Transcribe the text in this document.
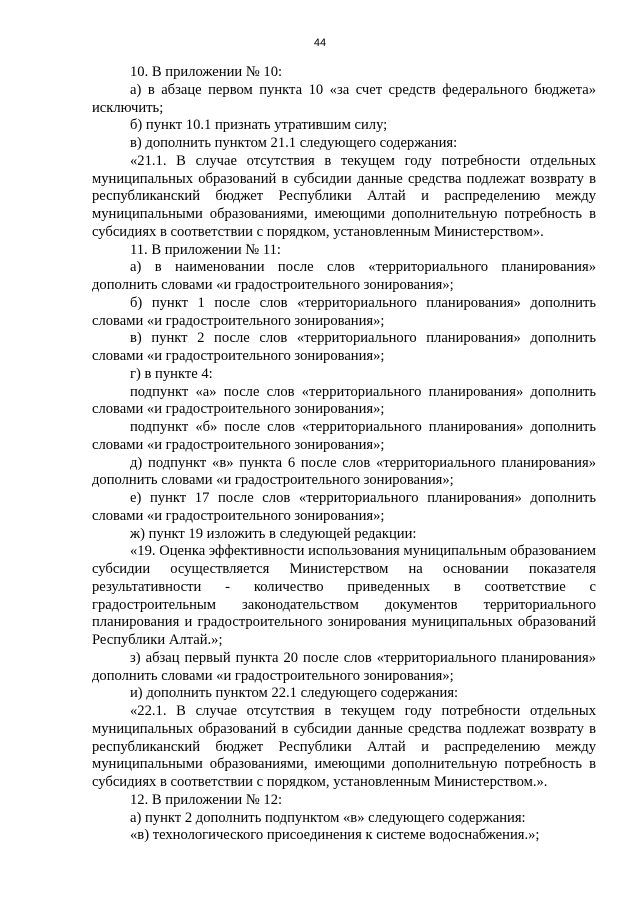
44

10. В приложении № 10:

а) в абзаце первом пункта 10 «за счет средств федерального бюджета» исключить;

б) пункт 10.1 признать утратившим силу;

в) дополнить пунктом 21.1 следующего содержания:

«21.1. В случае отсутствия в текущем году потребности отдельных муниципальных образований в субсидии данные средства подлежат возврату в республиканский бюджет Республики Алтай и распределению между муниципальными образованиями, имеющими дополнительную потребность в субсидиях в соответствии с порядком, установленным Министерством».

11. В приложении № 11:

а) в наименовании после слов «территориального планирования» дополнить словами «и градостроительного зонирования»;

б) пункт 1 после слов «территориального планирования» дополнить словами «и градостроительного зонирования»;

в) пункт 2 после слов «территориального планирования» дополнить словами «и градостроительного зонирования»;

г) в пункте 4:

подпункт «а» после слов «территориального планирования» дополнить словами «и градостроительного зонирования»;

подпункт «б» после слов «территориального планирования» дополнить словами «и градостроительного зонирования»;

д) подпункт «в» пункта 6 после слов «территориального планирования» дополнить словами «и градостроительного зонирования»;

е) пункт 17 после слов «территориального планирования» дополнить словами «и градостроительного зонирования»;

ж) пункт 19 изложить в следующей редакции:

«19. Оценка эффективности использования муниципальным образованием субсидии осуществляется Министерством на основании показателя результативности - количество приведенных в соответствие с градостроительным законодательством документов территориального планирования и градостроительного зонирования муниципальных образований Республики Алтай.»;

з) абзац первый пункта 20 после слов «территориального планирования» дополнить словами «и градостроительного зонирования»;

и) дополнить пунктом 22.1 следующего содержания:

«22.1. В случае отсутствия в текущем году потребности отдельных муниципальных образований в субсидии данные средства подлежат возврату в республиканский бюджет Республики Алтай и распределению между муниципальными образованиями, имеющими дополнительную потребность в субсидиях в соответствии с порядком, установленным Министерством.».

12. В приложении № 12:

а) пункт 2 дополнить подпунктом «в» следующего содержания:

«в) технологического присоединения к системе водоснабжения.»;
